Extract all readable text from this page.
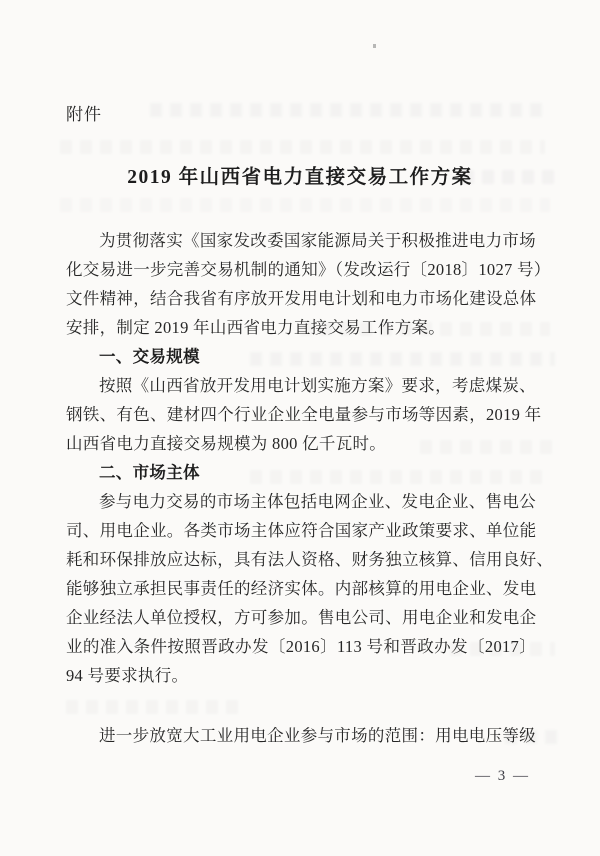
附件
2019 年山西省电力直接交易工作方案
为贯彻落实《国家发改委国家能源局关于积极推进电力市场
化交易进一步完善交易机制的通知》（发改运行〔2018〕1027 号）
文件精神，结合我省有序放开发用电计划和电力市场化建设总体
安排，制定 2019 年山西省电力直接交易工作方案。
一、交易规模
按照《山西省放开发用电计划实施方案》要求，考虑煤炭、
钢铁、有色、建材四个行业企业全电量参与市场等因素，2019 年
山西省电力直接交易规模为 800 亿千瓦时。
二、市场主体
参与电力交易的市场主体包括电网企业、发电企业、售电公
司、用电企业。各类市场主体应符合国家产业政策要求、单位能
耗和环保排放应达标，具有法人资格、财务独立核算、信用良好、
能够独立承担民事责任的经济实体。内部核算的用电企业、发电
企业经法人单位授权，方可参加。售电公司、用电企业和发电企
业的准入条件按照晋政办发〔2016〕113 号和晋政办发〔2017〕
94 号要求执行。
进一步放宽大工业用电企业参与市场的范围：用电电压等级
— 3 —
